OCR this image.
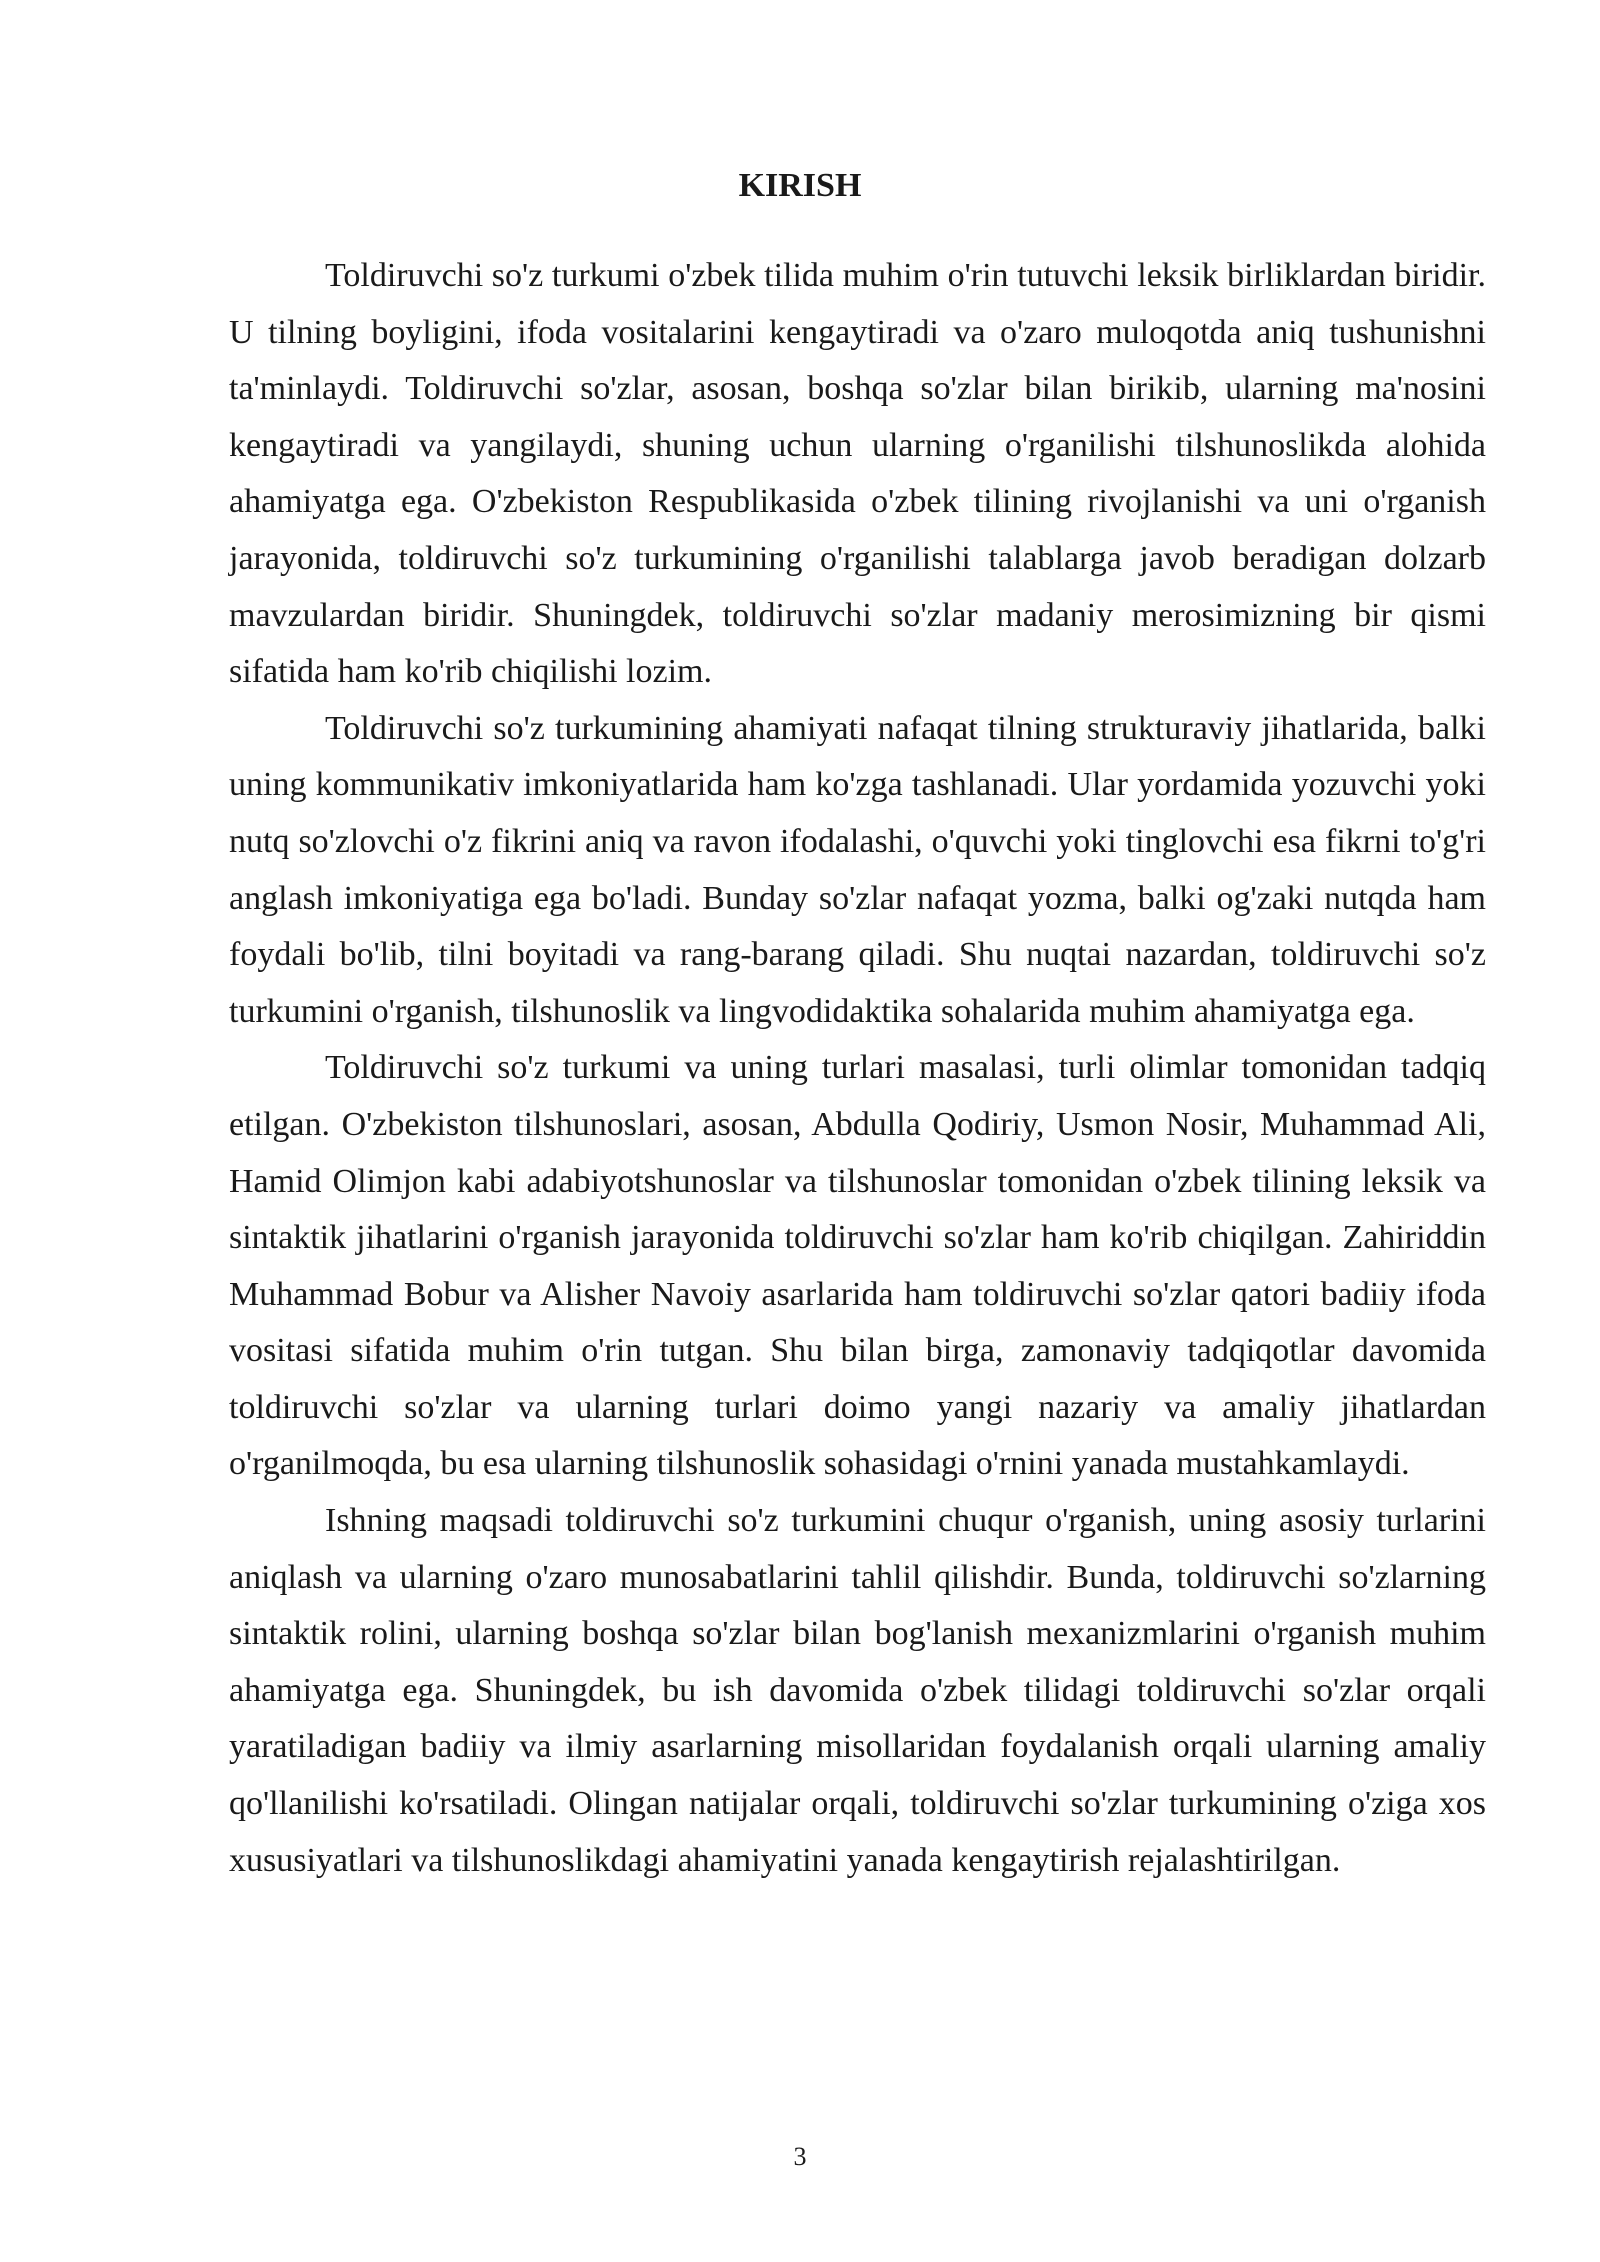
KIRISH

Toldiruvchi so'z turkumi o'zbek tilida muhim o'rin tutuvchi leksik birliklardan biridir. U tilning boyligini, ifoda vositalarini kengaytiradi va o'zaro muloqotda aniq tushunishni ta'minlaydi. Toldiruvchi so'zlar, asosan, boshqa so'zlar bilan birikib, ularning ma'nosini kengaytiradi va yangilaydi, shuning uchun ularning o'rganilishi tilshunoslikda alohida ahamiyatga ega. O'zbekiston Respublikasida o'zbek tilining rivojlanishi va uni o'rganish jarayonida, toldiruvchi so'z turkumining o'rganilishi talablarga javob beradigan dolzarb mavzulardan biridir. Shuningdek, toldiruvchi so'zlar madaniy merosimizning bir qismi sifatida ham ko'rib chiqilishi lozim.

Toldiruvchi so'z turkumining ahamiyati nafaqat tilning strukturaviy jihatlarida, balki uning kommunikativ imkoniyatlarida ham ko'zga tashlanadi. Ular yordamida yozuvchi yoki nutq so'zlovchi o'z fikrini aniq va ravon ifodalashi, o'quvchi yoki tinglovchi esa fikrni to'g'ri anglash imkoniyatiga ega bo'ladi. Bunday so'zlar nafaqat yozma, balki og'zaki nutqda ham foydali bo'lib, tilni boyitadi va rang-barang qiladi. Shu nuqtai nazardan, toldiruvchi so'z turkumini o'rganish, tilshunoslik va lingvodidaktika sohalarida muhim ahamiyatga ega.

Toldiruvchi so'z turkumi va uning turlari masalasi, turli olimlar tomonidan tadqiq etilgan. O'zbekiston tilshunoslari, asosan, Abdulla Qodiriy, Usmon Nosir, Muhammad Ali, Hamid Olimjon kabi adabiyotshunoslar va tilshunoslar tomonidan o'zbek tilining leksik va sintaktik jihatlarini o'rganish jarayonida toldiruvchi so'zlar ham ko'rib chiqilgan. Zahiriddin Muhammad Bobur va Alisher Navoiy asarlarida ham toldiruvchi so'zlar qatori badiiy ifoda vositasi sifatida muhim o'rin tutgan. Shu bilan birga, zamonaviy tadqiqotlar davomida toldiruvchi so'zlar va ularning turlari doimo yangi nazariy va amaliy jihatlardan o'rganilmoqda, bu esa ularning tilshunoslik sohasidagi o'rnini yanada mustahkamlaydi.

Ishning maqsadi toldiruvchi so'z turkumini chuqur o'rganish, uning asosiy turlarini aniqlash va ularning o'zaro munosabatlarini tahlil qilishdir. Bunda, toldiruvchi so'zlarning sintaktik rolini, ularning boshqa so'zlar bilan bog'lanish mexanizmlarini o'rganish muhim ahamiyatga ega. Shuningdek, bu ish davomida o'zbek tilidagi toldiruvchi so'zlar orqali yaratiladigan badiiy va ilmiy asarlarning misollaridan foydalanish orqali ularning amaliy qo'llanilishi ko'rsatiladi. Olingan natijalar orqali, toldiruvchi so'zlar turkumining o'ziga xos xususiyatlari va tilshunoslikdagi ahamiyatini yanada kengaytirish rejalashtirilgan.

3
